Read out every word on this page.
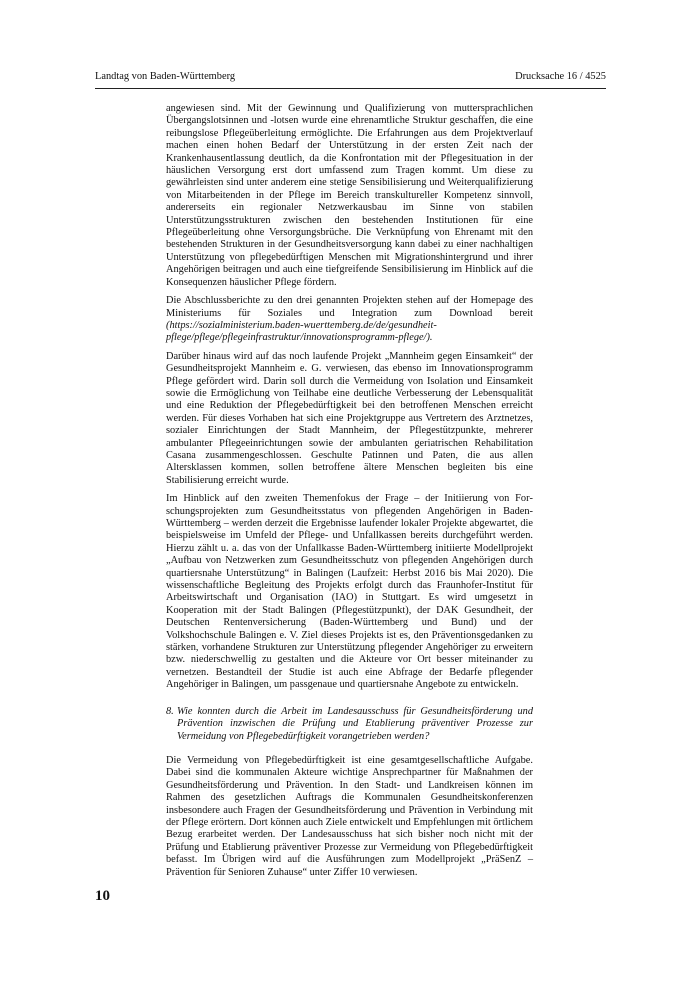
Landtag von Baden-Württemberg	Drucksache 16 / 4525

angewiesen sind. Mit der Gewinnung und Qualifizierung von muttersprachlichen Übergangslotsinnen und -lotsen wurde eine ehrenamtliche Struktur geschaffen, die eine reibungslose Pflegeüberleitung ermöglichte. Die Erfahrungen aus dem Projektverlauf machen einen hohen Bedarf der Unterstützung in der ersten Zeit nach der Krankenhausentlassung deutlich, da die Konfrontation mit der Pflegesituation in der häuslichen Versorgung erst dort umfassend zum Tragen kommt. Um diese zu gewährleisten sind unter anderem eine stetige Sensibilisierung und Weiterqualifizierung von Mitarbeitenden in der Pflege im Bereich transkultureller Kompetenz sinnvoll, andererseits ein regionaler Netzwerkausbau im Sinne von stabilen Unterstützungsstrukturen zwischen den bestehenden Institutionen für eine Pflegeüberleitung ohne Versorgungsbrüche. Die Verknüpfung von Ehrenamt mit den bestehenden Strukturen in der Gesundheitsversorgung kann dabei zu einer nachhaltigen Unterstützung von pflegebedürftigen Menschen mit Migrationshintergrund und ihrer Angehörigen beitragen und auch eine tiefgreifende Sensibilisierung im Hinblick auf die Konsequenzen häuslicher Pflege fördern.

Die Abschlussberichte zu den drei genannten Projekten stehen auf der Homepage des Ministeriums für Soziales und Integration zum Download bereit (https://sozialministerium.baden-wuerttemberg.de/de/gesundheit-pflege/pflege/pflegeinfrastruktur/innovationsprogramm-pflege/).

Darüber hinaus wird auf das noch laufende Projekt „Mannheim gegen Einsamkeit“ der Gesundheitsprojekt Mannheim e. G. verwiesen, das ebenso im Innovationsprogramm Pflege gefördert wird. Darin soll durch die Vermeidung von Isolation und Einsamkeit sowie die Ermöglichung von Teilhabe eine deutliche Verbesserung der Lebensqualität und eine Reduktion der Pflegebedürftigkeit bei den betroffenen Menschen erreicht werden. Für dieses Vorhaben hat sich eine Projektgruppe aus Vertretern des Arztnetzes, sozialer Einrichtungen der Stadt Mannheim, der Pflegestützpunkte, mehrerer ambulanter Pflegeeinrichtungen sowie der ambulanten geriatrischen Rehabilitation Casana zusammengeschlossen. Geschulte Patinnen und Paten, die aus allen Altersklassen kommen, sollen betroffene ältere Menschen begleiten bis eine Stabilisierung erreicht wurde.

Im Hinblick auf den zweiten Themenfokus der Frage – der Initiierung von Forschungsprojekten zum Gesundheitsstatus von pflegenden Angehörigen in Baden-Württemberg – werden derzeit die Ergebnisse laufender lokaler Projekte abgewartet, die beispielsweise im Umfeld der Pflege- und Unfallkassen bereits durchgeführt werden. Hierzu zählt u. a. das von der Unfallkasse Baden-Württemberg initiierte Modellprojekt „Aufbau von Netzwerken zum Gesundheitsschutz von pflegenden Angehörigen durch quartiersnahe Unterstützung“ in Balingen (Laufzeit: Herbst 2016 bis Mai 2020). Die wissenschaftliche Begleitung des Projekts erfolgt durch das Fraunhofer-Institut für Arbeitswirtschaft und Organisation (IAO) in Stuttgart. Es wird umgesetzt in Kooperation mit der Stadt Balingen (Pflegestützpunkt), der DAK Gesundheit, der Deutschen Rentenversicherung (Baden-Württemberg und Bund) und der Volkshochschule Balingen e. V. Ziel dieses Projekts ist es, den Präventionsgedanken zu stärken, vorhandene Strukturen zur Unterstützung pflegender Angehöriger zu erweitern bzw. niederschwellig zu gestalten und die Akteure vor Ort besser miteinander zu vernetzen. Bestandteil der Studie ist auch eine Abfrage der Bedarfe pflegender Angehöriger in Balingen, um passgenaue und quartiersnahe Angebote zu entwickeln.

8. Wie konnten durch die Arbeit im Landesausschuss für Gesundheitsförderung und Prävention inzwischen die Prüfung und Etablierung präventiver Prozesse zur Vermeidung von Pflegebedürftigkeit vorangetrieben werden?

Die Vermeidung von Pflegebedürftigkeit ist eine gesamtgesellschaftliche Aufgabe. Dabei sind die kommunalen Akteure wichtige Ansprechpartner für Maßnahmen der Gesundheitsförderung und Prävention. In den Stadt- und Landkreisen können im Rahmen des gesetzlichen Auftrags die Kommunalen Gesundheitskonferenzen insbesondere auch Fragen der Gesundheitsförderung und Prävention in Verbindung mit der Pflege erörtern. Dort können auch Ziele entwickelt und Empfehlungen mit örtlichem Bezug erarbeitet werden. Der Landesausschuss hat sich bisher noch nicht mit der Prüfung und Etablierung präventiver Prozesse zur Vermeidung von Pflegebedürftigkeit befasst. Im Übrigen wird auf die Ausführungen zum Modellprojekt „PräSenZ – Prävention für Senioren Zuhause“ unter Ziffer 10 verwiesen.

10
